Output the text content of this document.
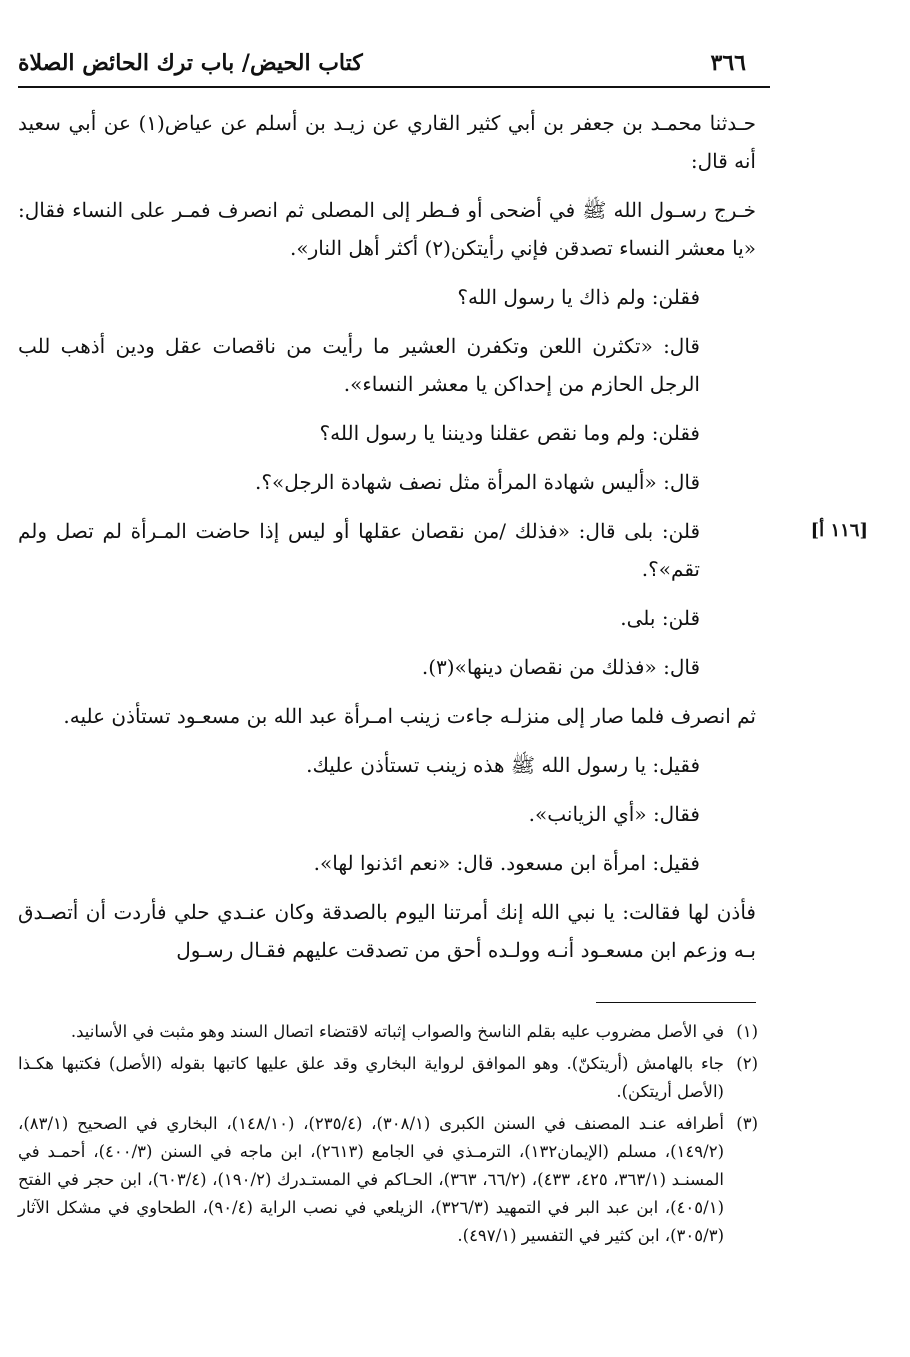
٣٦٦
كتاب الحيض/ باب ترك الحائض الصلاة
[١١٦ أ]

حـدثنا محمـد بن جعفر بن أبي كثير القاري عن زيـد بن أسلم عن عياض(١) عن أبي سعيد أنه قال:

خـرج رسـول الله ﷺ في أضحى أو فـطر إلى المصلى ثم انصرف فمـر على النساء فقال: «يا معشر النساء تصدقن فإني رأيتكن(٢) أكثر أهل النار».

فقلن: ولم ذاك يا رسول الله؟

قال: «تكثرن اللعن وتكفرن العشير ما رأيت من ناقصات عقل ودين أذهب للب الرجل الحازم من إحداكن يا معشر النساء».

فقلن: ولم وما نقص عقلنا وديننا يا رسول الله؟

قال: «أليس شهادة المرأة مثل نصف شهادة الرجل»؟.

قلن: بلى قال: «فذلك /من نقصان عقلها أو ليس إذا حاضت المـرأة لم تصل ولم تقم»؟.

قلن: بلى.

قال: «فذلك من نقصان دينها»(٣).

ثم انصرف فلما صار إلى منزلـه جاءت زينب امـرأة عبد الله بن مسعـود تستأذن عليه.

فقيل: يا رسول الله ﷺ هذه زينب تستأذن عليك.

فقال: «أي الزيانب».

فقيل: امرأة ابن مسعود. قال: «نعم ائذنوا لها».

فأذن لها فقالت: يا نبي الله إنك أمرتنا اليوم بالصدقة وكان عنـدي حلي فأردت أن أتصـدق بـه وزعم ابن مسعـود أنـه وولـده أحق من تصدقت عليهم فقـال رسـول

(١)في الأصل مضروب عليه بقلم الناسخ والصواب إثباته لاقتضاء اتصال السند وهو مثبت في الأسانيد.

(٢)جاء بالهامش (أريتكنّ). وهو الموافق لرواية البخاري وقد علق عليها كاتبها بقوله (الأصل) فكتبها هكـذا (الأصل أريتكن).

(٣)أطرافه عنـد المصنف في السنن الكبرى (٣٠٨/١)، (٢٣٥/٤)، (١٤٨/١٠)، البخاري في الصحيح (٨٣/١)، (١٤٩/٢)، مسلم (الإيمان١٣٢)، الترمـذي في الجامع (٢٦١٣)، ابن ماجه في السنن (٤٠٠/٣)، أحمـد في المسنـد (٣٦٣/١، ٤٢٥، ٤٣٣)، (٦٦/٢، ٣٦٣)، الحـاكم في المستـدرك (١٩٠/٢)، (٦٠٣/٤)، ابن حجر في الفتح (٤٠٥/١)، ابن عبد البر في التمهيد (٣٢٦/٣)، الزيلعي في نصب الراية (٩٠/٤)، الطحاوي في مشكل الآثار (٣٠٥/٣)، ابن كثير في التفسير (٤٩٧/١).
